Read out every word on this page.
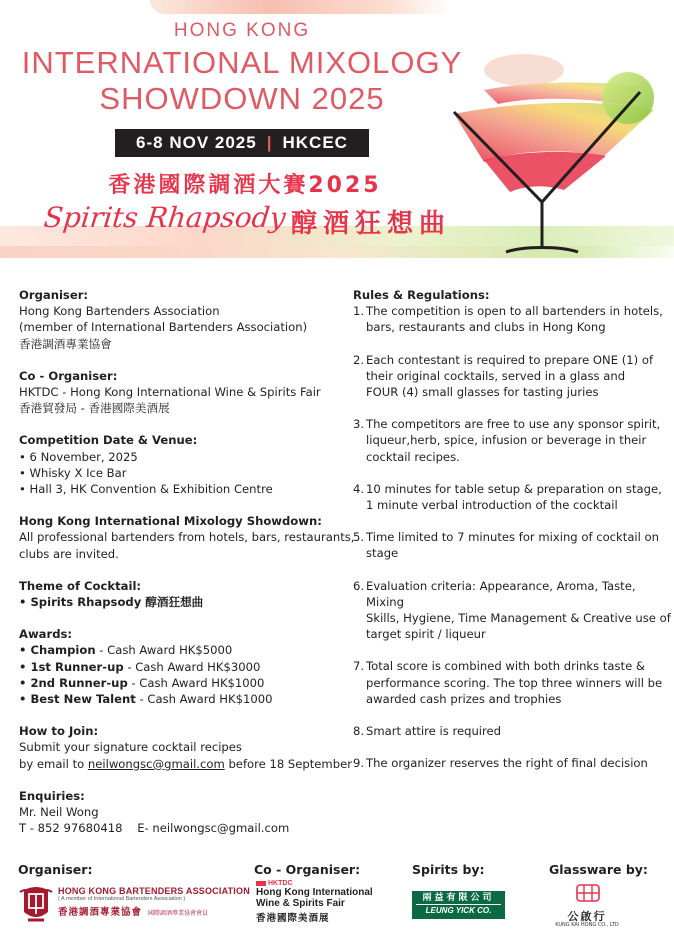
HONG KONG
INTERNATIONAL MIXOLOGY
SHOWDOWN 2025
6-8 NOV 2025 | HKCEC
香港國際調酒大賽2025
Spirits Rhapsody 醇酒狂想曲
Organiser:
Hong Kong Bartenders Association
(member of International Bartenders Association)
香港調酒專業協會
Co - Organiser:
HKTDC - Hong Kong International Wine & Spirits Fair
香港貿發局 - 香港國際美酒展
Competition Date & Venue:
• 6 November, 2025
• Whisky X Ice Bar
• Hall 3, HK Convention & Exhibition Centre
Hong Kong International Mixology Showdown:
All professional bartenders from hotels, bars, restaurants,
clubs are invited.
Theme of Cocktail:
• Spirits Rhapsody 醇酒狂想曲
Awards:
• Champion - Cash Award HK$5000
• 1st Runner-up - Cash Award HK$3000
• 2nd Runner-up - Cash Award HK$1000
• Best New Talent - Cash Award HK$1000
How to Join:
Submit your signature cocktail recipes
by email to neilwongsc@gmail.com before 18 September
Enquiries:
Mr. Neil Wong
T - 852 97680418    E- neilwongsc@gmail.com
Rules & Regulations:
1. The competition is open to all bartenders in hotels,
bars, restaurants and clubs in Hong Kong
2. Each contestant is required to prepare ONE (1) of
their original cocktails, served in a glass and
FOUR (4) small glasses for tasting juries
3. The competitors are free to use any sponsor spirit,
liqueur,herb, spice, infusion or beverage in their
cocktail recipes.
4. 10 minutes for table setup & preparation on stage,
1 minute verbal introduction of the cocktail
5. Time limited to 7 minutes for mixing of cocktail on
stage
6. Evaluation criteria: Appearance, Aroma, Taste, Mixing
Skills, Hygiene, Time Management & Creative use of
target spirit / liqueur
7. Total score is combined with both drinks taste &
performance scoring. The top three winners will be
awarded cash prizes and trophies
8. Smart attire is required
9. The organizer reserves the right of final decision
Organiser:	Co - Organiser:	Spirits by:	Glassware by:
HONG KONG BARTENDERS ASSOCIATION
( A member of International Bartenders Association )
香港調酒專業協會 國際調酒專業協會會員
HKTDC
Hong Kong International
Wine & Spirits Fair
香港國際美酒展
兩益有限公司
LEUNG YICK CO. LTD.	公啟行
KUNG KAI HONG CO., LTD
